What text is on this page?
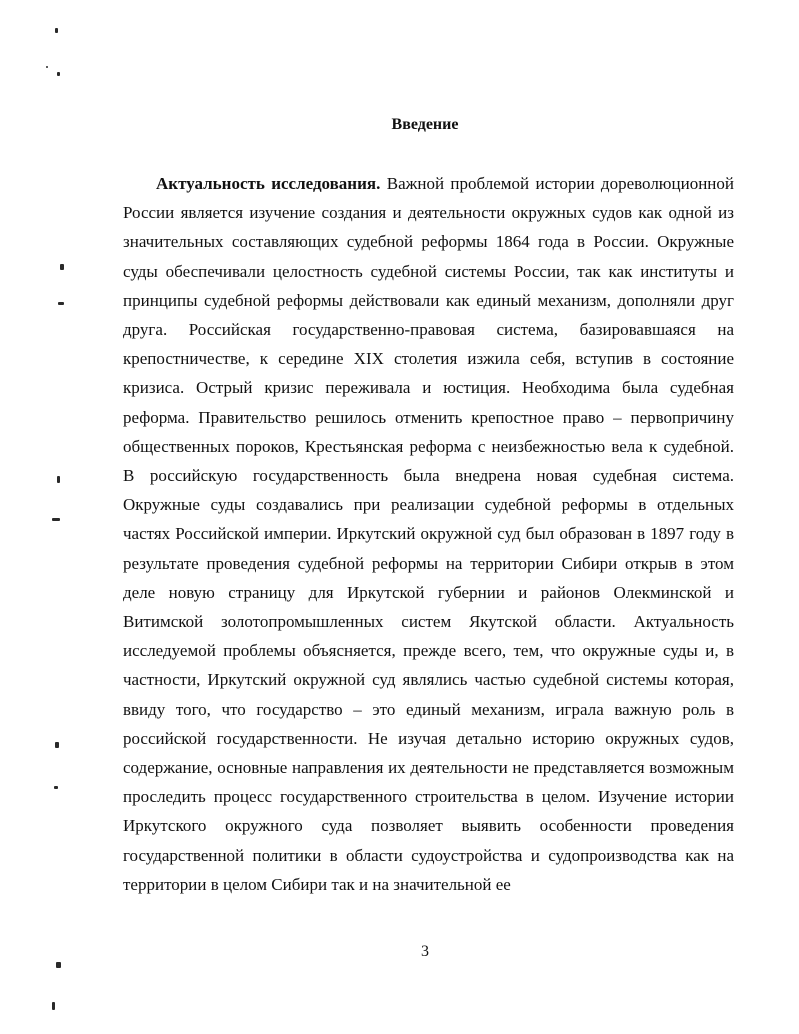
Введение

Актуальность исследования. Важной проблемой истории дореволюционной России является изучение создания и деятельности окружных судов как одной из значительных составляющих судебной реформы 1864 года в России. Окружные суды обеспечивали целостность судебной системы России, так как институты и принципы судебной реформы действовали как единый механизм, дополняли друг друга. Российская государственно-правовая система, базировавшаяся на крепостничестве, к середине XIX столетия изжила себя, вступив в состояние кризиса. Острый кризис переживала и юстиция. Необходима была судебная реформа. Правительство решилось отменить крепостное право – первопричину общественных пороков, Крестьянская реформа с неизбежностью вела к судебной. В российскую государственность была внедрена новая судебная система. Окружные суды создавались при реализации судебной реформы в отдельных частях Российской империи. Иркутский окружной суд был образован в 1897 году в результате проведения судебной реформы на территории Сибири открыв в этом деле новую страницу для Иркутской губернии и районов Олекминской и Витимской золотопромышленных систем Якутской области. Актуальность исследуемой проблемы объясняется, прежде всего, тем, что окружные суды и, в частности, Иркутский окружной суд являлись частью судебной системы которая, ввиду того, что государство – это единый механизм, играла важную роль в российской государственности. Не изучая детально историю окружных судов, содержание, основные направления их деятельности не представляется возможным проследить процесс государственного строительства в целом. Изучение истории Иркутского окружного суда позволяет выявить особенности проведения государственной политики в области судоустройства и судопроизводства как на территории в целом Сибири так и на значительной ее

3
